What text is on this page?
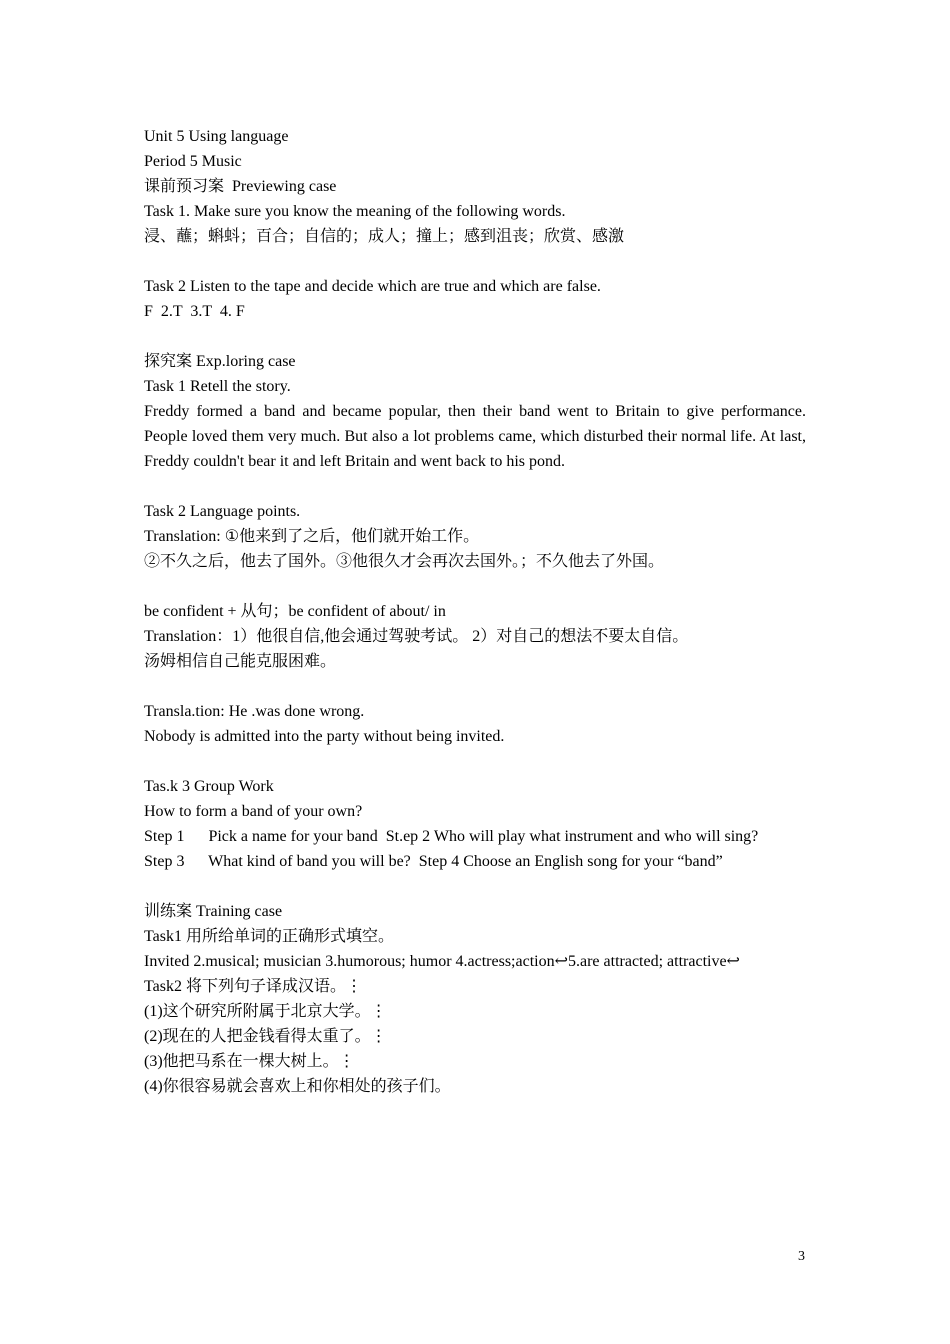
Unit 5 Using language
Period 5 Music
课前预习案  Previewing case
Task 1. Make sure you know the meaning of the following words.
浸、蘸；蝌蚪；百合；自信的；成人；撞上；感到沮丧；欣赏、感激
Task 2 Listen to the tape and decide which are true and which are false.
F  2.T  3.T  4. F
探究案 Exp.loring case
Task 1 Retell the story.
Freddy formed a band and became popular, then their band went to Britain to give performance. People loved them very much. But also a lot problems came, which disturbed their normal life. At last, Freddy couldn't bear it and left Britain and went back to his pond.
Task 2 Language points.
Translation: ①他来到了之后，他们就开始工作。
②不久之后，他去了国外。③他很久才会再次去国外。；不久他去了外国。
be confident + 从句；be confident of about/ in
Translation：1）他很自信,他会通过驾驶考试。 2）对自己的想法不要太自信。
汤姆相信自己能克服困难。
Transla.tion: He .was done wrong.
Nobody is admitted into the party without being invited.
Tas.k 3 Group Work
How to form a band of your own?
Step 1      Pick a name for your band  St.ep 2 Who will play what instrument and who will sing?
Step 3      What kind of band you will be?  Step 4 Choose an English song for your “band”
训练案 Training case
Task1 用所给单词的正确形式填空。
Invited 2.musical; musician 3.humorous; humor 4.actress;action↩5.are attracted; attractive↩
Task2 将下列句子译成汉语。⋮
(1)这个研究所附属于北京大学。⋮
(2)现在的人把金钱看得太重了。⋮
(3)他把马系在一棵大树上。⋮
(4)你很容易就会喜欢上和你相处的孩子们。
3
